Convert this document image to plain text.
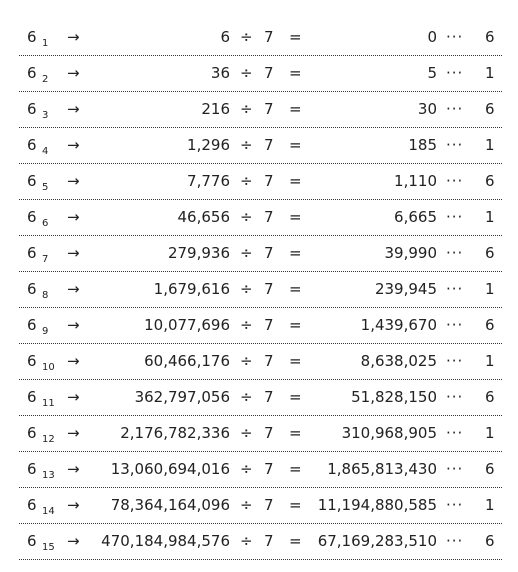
6 1 →	6 ÷ 7 =	0 ··· 6
6 2 →	36 ÷ 7 =	5 ··· 1
6 3 →	216 ÷ 7 =	30 ··· 6
6 4 →	1,296 ÷ 7 =	185 ··· 1
6 5 →	7,776 ÷ 7 =	1,110 ··· 6
6 6 →	46,656 ÷ 7 =	6,665 ··· 1
6 7 →	279,936 ÷ 7 =	39,990 ··· 6
6 8 →	1,679,616 ÷ 7 =	239,945 ··· 1
6 9 →	10,077,696 ÷ 7 =	1,439,670 ··· 6
6 10 →	60,466,176 ÷ 7 =	8,638,025 ··· 1
6 11 →	362,797,056 ÷ 7 =	51,828,150 ··· 6
6 12 →	2,176,782,336 ÷ 7 =	310,968,905 ··· 1
6 13 → 13,060,694,016 ÷ 7 = 1,865,813,430 ··· 6
6 14 → 78,364,164,096 ÷ 7 = 11,194,880,585 ··· 1
6 15 → 470,184,984,576 ÷ 7 = 67,169,283,510 ··· 6
